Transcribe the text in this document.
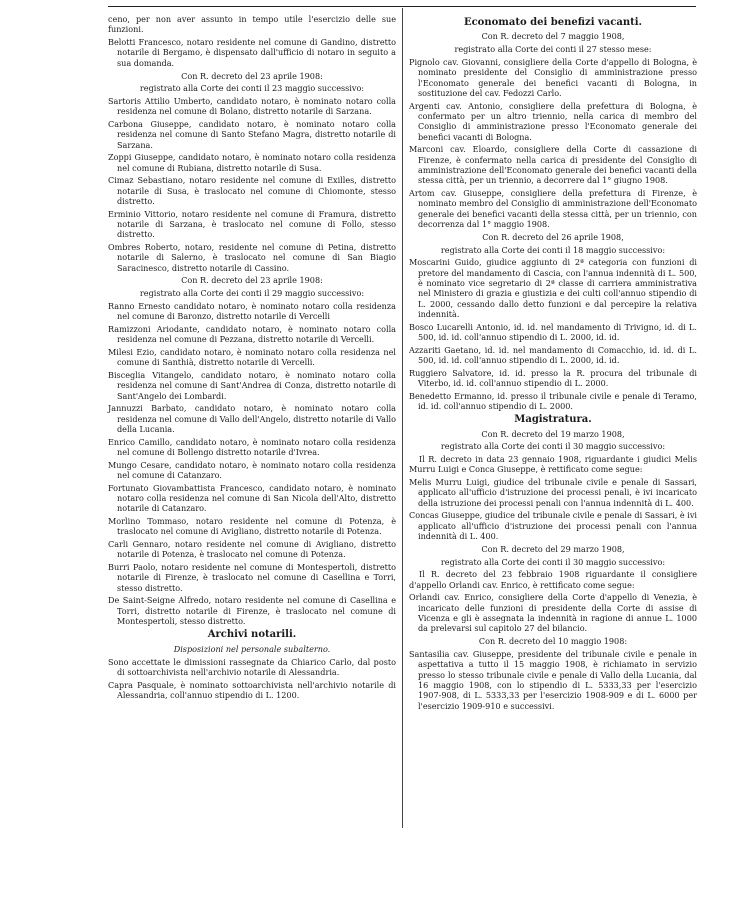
ceno, per non aver assunto in tempo utile l'esercizio delle sue funzioni.

Belotti Francesco, notaro residente nel comune di Gandino, distretto notarile di Bergamo, è dispensato dall'ufficio di notaro in seguito a sua domanda.

Con R. decreto del 23 aprile 1908:

registrato alla Corte dei conti il 23 maggio successivo:

Sartoris Attilio Umberto, candidato notaro, è nominato notaro colla residenza nel comune di Bolano, distretto notarile di Sarzana.

Carbona Giuseppe, candidato notaro, è nominato notaro colla residenza nel comune di Santo Stefano Magra, distretto notarile di Sarzana.

Zoppi Giuseppe, candidato notaro, è nominato notaro colla residenza nel comune di Rubiana, distretto notarile di Susa.

Cimaz Sebastiano, notaro residente nel comune di Exilles, distretto notarile di Susa, è traslocato nel comune di Chiomonte, stesso distretto.

Erminio Vittorio, notaro residente nel comune di Framura, distretto notarile di Sarzana, è traslocato nel comune di Follo, stesso distretto.

Ombres Roberto, notaro, residente nel comune di Petina, distretto notarile di Salerno, è traslocato nel comune di San Biagio Saracinesco, distretto notarile di Cassino.

Con R. decreto del 23 aprile 1908:

registrato alla Corte dei conti il 29 maggio successivo:

Ranno Ernesto candidato notaro, è nominato notaro colla residenza nel comune di Baronzo, distretto notarile di Vercelli

Ramizzoni Ariodante, candidato notaro, è nominato notaro colla residenza nel comune di Pezzana, distretto notarile di Vercelli.

Milesi Ezio, candidato notaro, è nominato notaro colla residenza nel comune di Santhià, distretto notarile di Vercelli.

Bisceglia Vitangelo, candidato notaro, è nominato notaro colla residenza nel comune di Sant'Andrea di Conza, distretto notarile di Sant'Angelo dei Lombardi.

Jannuzzi Barbato, candidato notaro, è nominato notaro colla residenza nel comune di Vallo dell'Angelo, distretto notarile di Vallo della Lucania.

Enrico Camillo, candidato notaro, è nominato notaro colla residenza nel comune di Bollengo distretto notarile d'Ivrea.

Mungo Cesare, candidato notaro, è nominato notaro colla residenza nel comune di Catanzaro.

Fortunato Giovambattista Francesco, candidato notaro, è nominato notaro colla residenza nel comune di San Nicola dell'Alto, distretto notarile di Catanzaro.

Morlino Tommaso, notaro residente nel comune di Potenza, è traslocato nel comune di Avigliano, distretto notarile di Potenza.

Carli Gennaro, notaro residente nel comune di Avigliano, distretto notarile di Potenza, è traslocato nel comune di Potenza.

Burri Paolo, notaro residente nel comune di Montespertoli, distretto notarile di Firenze, è traslocato nel comune di Casellina e Torri, stesso distretto.

De Saint-Seigne Alfredo, notaro residente nel comune di Casellina e Torri, distretto notarile di Firenze, è traslocato nel comune di Montespertoli, stesso distretto.

Archivi notarili.

Disposizioni nel personale subalterno.

Sono accettate le dimissioni rassegnate da Chiarico Carlo, dal posto di sottoarchivista nell'archivio notarile di Alessandria.

Capra Pasquale, è nominato sottoarchivista nell'archivio notarile di Alessandria, coll'annuo stipendio di L. 1200.

Economato dei benefizi vacanti.

Con R. decreto del 7 maggio 1908,

registrato alla Corte dei conti il 27 stesso mese:

Pignolo cav. Giovanni, consigliere della Corte d'appello di Bologna, è nominato presidente del Consiglio di amministrazione presso l'Economato generale dei benefici vacanti di Bologna, in sostituzione del cav. Fedozzi Carlo.

Argenti cav. Antonio, consigliere della prefettura di Bologna, è confermato per un altro triennio, nella carica di membro del Consiglio di amministrazione presso l'Economato generale dei benefici vacanti di Bologna.

Marconi cav. Eloardo, consigliere della Corte di cassazione di Firenze, è confermato nella carica di presidente del Consiglio di amministrazione dell'Economato generale dei benefici vacanti della stessa città, per un triennio, a decorrere dal 1° giugno 1908.

Artom cav. Giuseppe, consigliere della prefettura di Firenze, è nominato membro del Consiglio di amministrazione dell'Economato generale dei benefici vacanti della stessa città, per un triennio, con decorrenza dal 1° maggio 1908.

Con R. decreto del 26 aprile 1908,

registrato alla Corte dei conti il 18 maggio successivo:

Moscarini Guido, giudice aggiunto di 2ª categoria con funzioni di pretore del mandamento di Cascia, con l'annua indennità di L. 500, è nominato vice segretario di 2ª classe di carriera amministrativa nel Ministero di grazia e giustizia e dei culti coll'annuo stipendio di L. 2000, cessando dallo detto funzioni e dal percepire la relativa indennità.

Bosco Lucarelli Antonio, id. id. nel mandamento di Trivigno, id. di L. 500, id. id. coll'annuo stipendio di L. 2000, id. id.

Azzariti Gaetano, id. id. nel mandamento di Comacchio, id. id. di L. 500, id. id. coll'annuo stipendio di L. 2000, id. id.

Ruggiero Salvatore, id. id. presso la R. procura del tribunale di Viterbo, id. id. coll'annuo stipendio di L. 2000.

Benedetto Ermanno, id. presso il tribunale civile e penale di Teramo, id. id. coll'annuo stipendio di L. 2000.

Magistratura.

Con R. decreto del 19 marzo 1908,

registrato alla Corte dei conti il 30 maggio successivo:

Il R. decreto in data 23 gennaio 1908, riguardante i giudici Melis Murru Luigi e Conca Giuseppe, è rettificato come segue:

Melis Murru Luigi, giudice del tribunale civile e penale di Sassari, applicato all'ufficio d'istruzione dei processi penali, è ivi incaricato della istruzione dei processi penali con l'annua indennità di L. 400.

Concas Giuseppe, giudice del tribunale civile e penale di Sassari, è ivi applicato all'ufficio d'istruzione dei processi penali con l'annua indennità di L. 400.

Con R. decreto del 29 marzo 1908,

registrato alla Corte dei conti il 30 maggio successivo:

Il R. decreto del 23 febbraio 1908 riguardante il consigliere d'appello Orlandi cav. Enrico, è rettificato come segue:

Orlandi cav. Enrico, consigliere della Corte d'appello di Venezia, è incaricato delle funzioni di presidente della Corte di assise di Vicenza e gli è assegnata la indennità in ragione di annue L. 1000 da prelevarsi sul capitolo 27 del bilancio.

Con R. decreto del 10 maggio 1908:

Santasilia cav. Giuseppe, presidente del tribunale civile e penale in aspettativa a tutto il 15 maggio 1908, è richiamato in servizio presso lo stesso tribunale civile e penale di Vallo della Lucania, dal 16 maggio 1908, con lo stipendio di L. 5333,33 per l'esercizio 1907-908, di L. 5333,33 per l'esercizio 1908-909 e di L. 6000 per l'esercizio 1909-910 e successivi.
